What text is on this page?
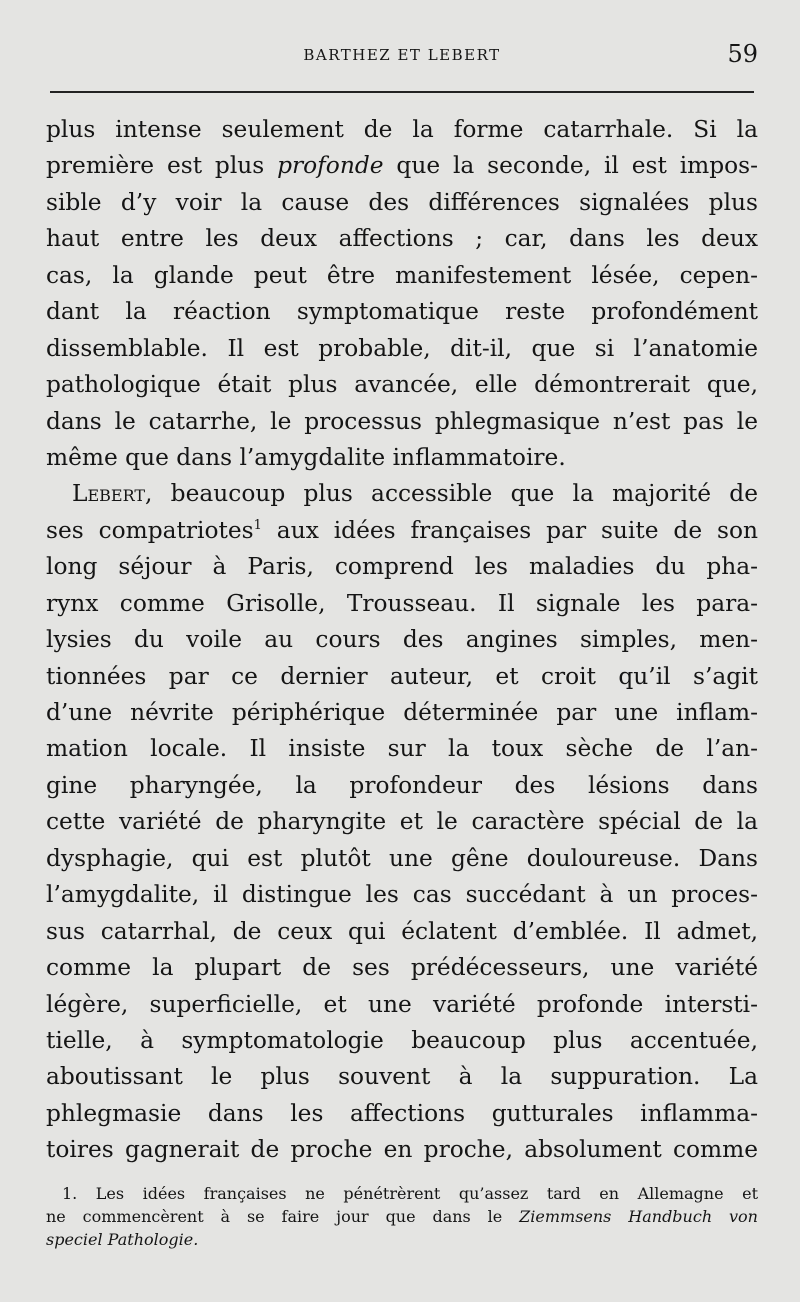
BARTHEZ ET LEBERT	59
plus intense seulement de la forme catarrhale. Si la
première est plus profonde que la seconde, il est impos-
sible d’y voir la cause des différences signalées plus
haut entre les deux affections ; car, dans les deux
cas, la glande peut être manifestement lésée, cepen-
dant la réaction symptomatique reste profondément
dissemblable. Il est probable, dit-il, que si l’anatomie
pathologique était plus avancée, elle démontrerait que,
dans le catarrhe, le processus phlegmasique n’est pas le
même que dans l’amygdalite inflammatoire.
Lebert, beaucoup plus accessible que la majorité de
ses compatriotes$^1$ aux idées françaises par suite de son
long séjour à Paris, comprend les maladies du pha-
rynx comme Grisolle, Trousseau. Il signale les para-
lysies du voile au cours des angines simples, men-
tionnées par ce dernier auteur, et croit qu’il s’agit
d’une névrite périphérique déterminée par une inflam-
mation locale. Il insiste sur la toux sèche de l’an-
gine pharyngée, la profondeur des lésions dans
cette variété de pharyngite et le caractère spécial de la
dysphagie, qui est plutôt une gêne douloureuse. Dans
l’amygdalite, il distingue les cas succédant à un proces-
sus catarrhal, de ceux qui éclatent d’emblée. Il admet,
comme la plupart de ses prédécesseurs, une variété
légère, superficielle, et une variété profonde intersti-
tielle, à symptomatologie beaucoup plus accentuée,
aboutissant le plus souvent à la suppuration. La
phlegmasie dans les affections gutturales inflamma-
toires gagnerait de proche en proche, absolument comme
1. Les idées françaises ne pénétrèrent qu’assez tard en Allemagne et
ne commencèrent à se faire jour que dans le Ziemmsens Handbuch von
speciel Pathologie.
